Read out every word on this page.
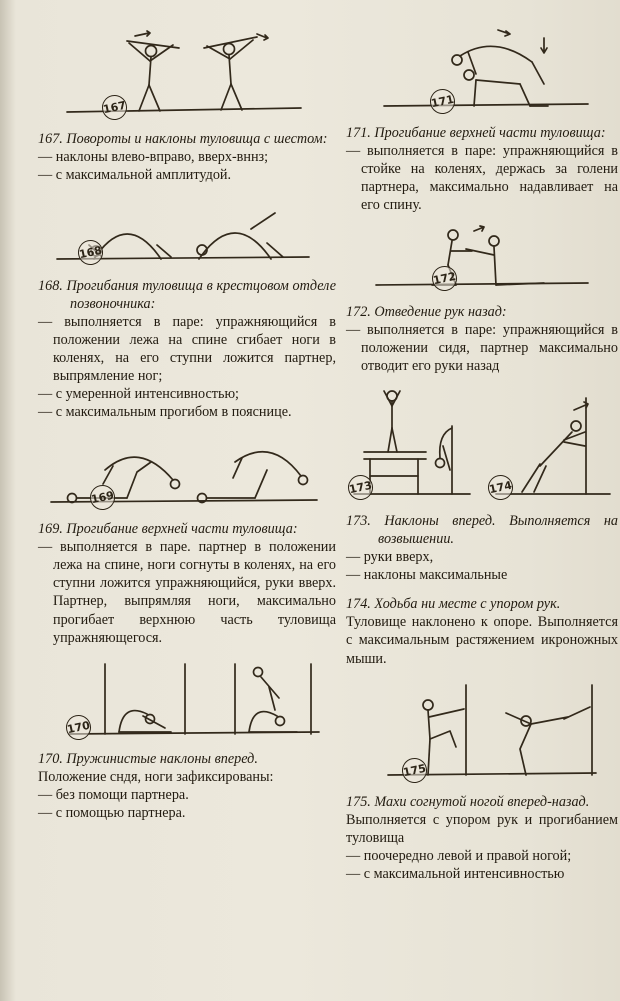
167
167. Повороты и наклоны туловища с шестом:
— наклоны влево-вправо, вверх-вннз;
— с максимальной амплитудой.
168
168. Прогибания туловища в крестцовом отделе позвоночника:
— выполняется в паре: упражняющийся в положении лежа на спине сгибает ноги в коленях, на его ступни ложится партнер, выпрямление ног;
— с умеренной интенсивностью;
— с максимальным прогибом в пояснице.
169
169. Прогибание верхней части туловища:
— выполняется в паре. партнер в положении лежа на спине, ноги согнуты в коленях, на его ступни ложится упражняющийся, руки вверх. Партнер, выпрямляя ноги, максимально прогибает верхнюю часть туловища упражняющегося.
170
170. Пружинистые наклоны вперед.
Положение сндя, ноги зафиксированы:
— без помощи партнера.
— с помощью партнера.
171
171. Прогибание верхней части туловища:
— выполняется в паре: упражняющийся в стойке на коленях, держась за голени партнера, максимально надавливает на его спину.
172
172. Отведение рук назад:
— выполняется в паре: упражняющийся в положении сидя, партнер максимально отводит его руки назад
173	174
173. Наклоны вперед. Выполняется на возвышении.
— руки вверх,
— наклоны максимальные
174. Ходьба ни месте с упором рук.
Туловище наклонено к опоре. Выполняется с максимальным растяжением икроножных мыши.
175
175. Махи согнутой ногой вперед-назад.
Выполняется с упором рук и прогибанием туловища
— поочередно левой и правой ногой;
— с максимальной интенсивностью
